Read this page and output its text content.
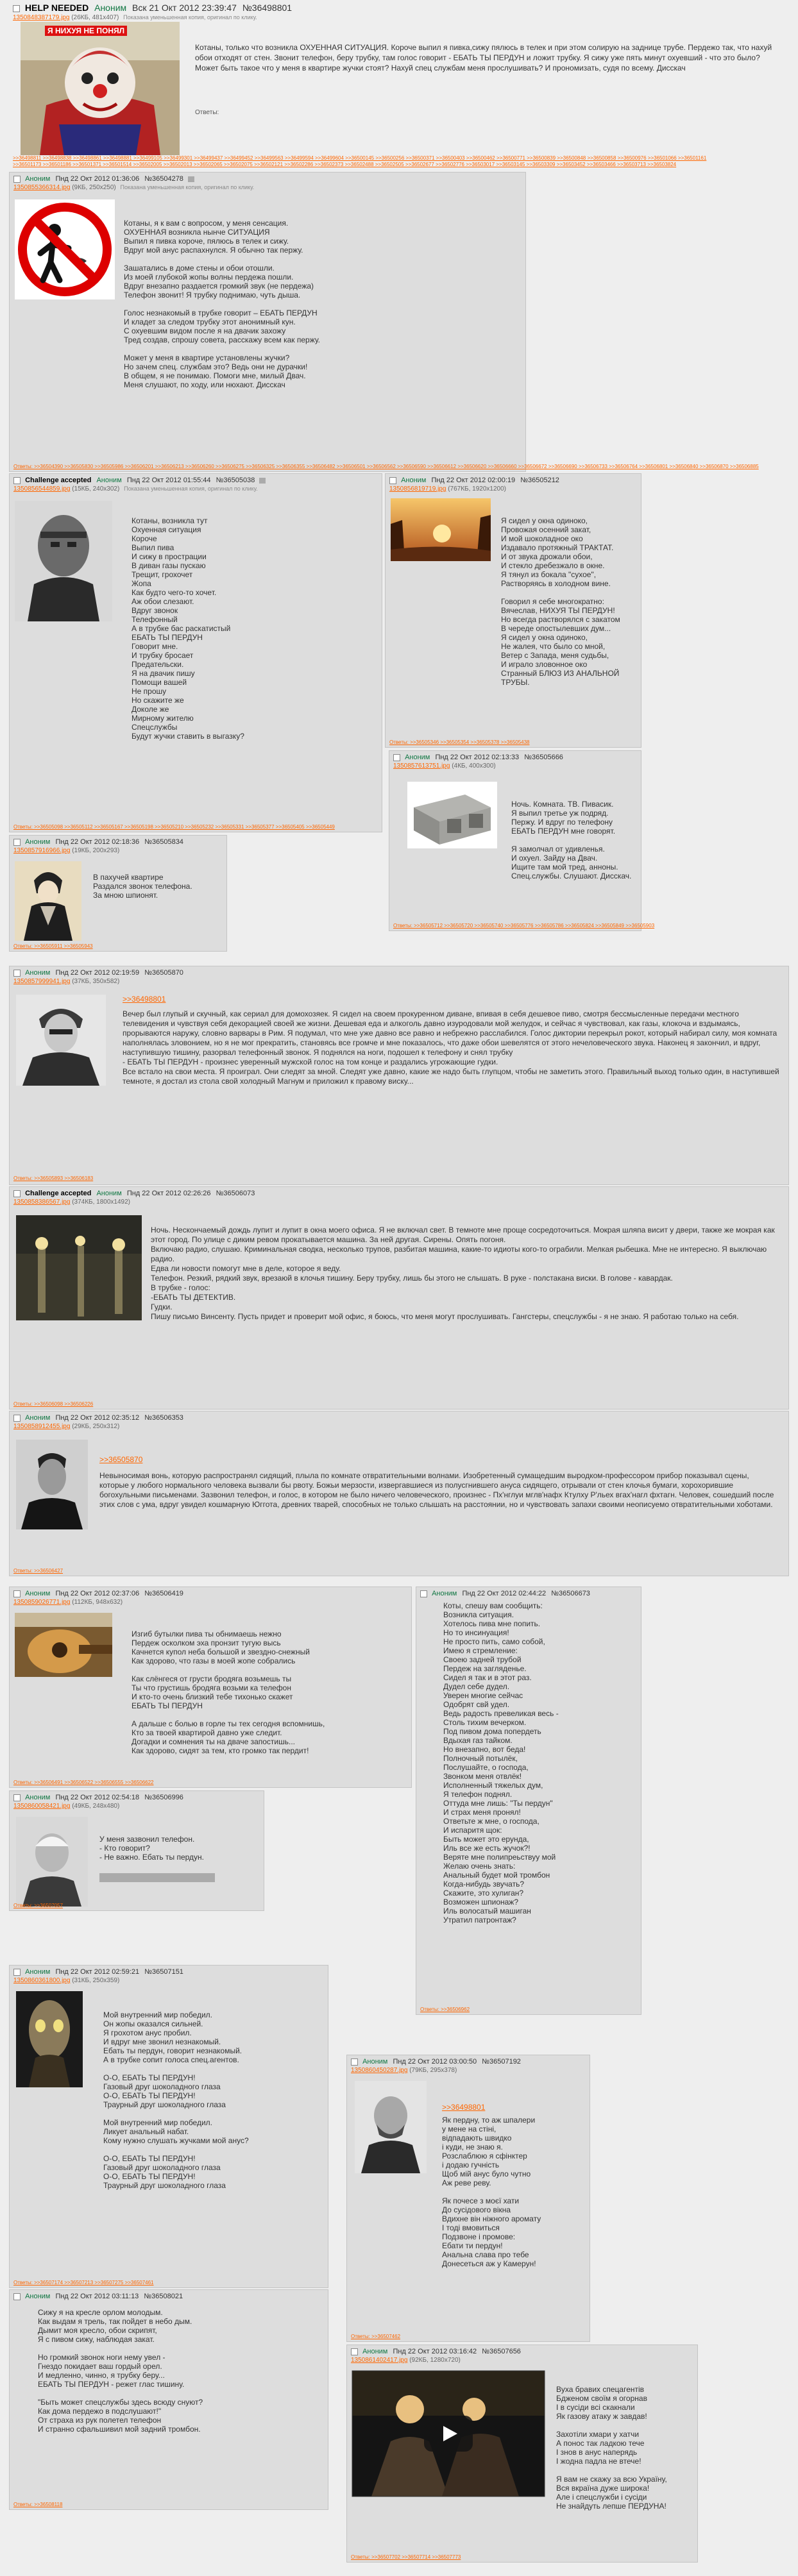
HELP NEEDED Аноним Вск 21 Окт 2012 23:39:47 №36498801
1350848387179.jpg (26КБ, 481x407) Показана уменьшенная копия, оригинал по клику.
Я НИХУЯ НЕ ПОНЯЛ
Котаны, только что возникла ОХУЕННАЯ СИТУАЦИЯ. Короче выпил я пивка,сижу пялюсь в телек и при этом солирую на заднице трубе. Пердежо так, что нахуй обои отходят от стен. Звонит телефон, беру трубку, там голос говорит - ЕБАТЬ ТЫ ПЕРДУН и ложит трубку. Я сижу уже пять минут охуевший - что это было? Может быть такое что у меня в квартире жучки стоят? Нахуй спец службам меня прослушивать? И прономизать, судя по всему. Дисскач
Ответы:
>>36498811 >>36498838 >>36498861 >>36498881 >>36499105 >>36499301 >>36499437 >>36499452 >>36499563 >>36499594 >>36499604 >>36500145 >>36500256 >>36500371 >>36500403 >>36500462 >>36500771 >>36500839 >>36500848 >>36500858 >>36500976 >>36501066 >>36501161
>>36501173 >>36501186 >>36501371 >>36501514 >>36502005 >>36502013 >>36502065 >>36502075 >>36502121 >>36502286 >>36502373 >>36502488 >>36502505 >>36502677 >>36502776 >>36503017 >>36503145 >>36503309 >>36503452 >>36503466 >>36503713 >>36503824
Аноним Пнд 22 Окт 2012 01:36:06 №36504278
1350855366314.jpg (9КБ, 250x250) Показана уменьшенная копия, оригинал по клику.
Котаны, я к вам с вопросом, у меня сенсация.
ОХУЕННАЯ возникла нынче СИТУАЦИЯ
Выпил я пивка корочe, пялюсь в телек и сижу.
Вдруг мой анус распахнулся. Я обычно так пержу.

Зашатались в доме стены и обои отошли.
Из моей глубокой жопы волны пердежа пошли.
Вдруг внезапно раздается громкий звук (не пердежа)
Телефон звонит! Я трубку поднимаю, чуть дыша.

Голос незнакомый в трубке говорит – ЕБАТЬ ПЕРДУН
И кладет за следом трубку этот анонимный кун.
С охуевшим видом после я на двачик захожу
Тред создав, спрошу совета, расскажу всем как пержу.

Может у меня в квартире установлены жучки?
Но зачем спец. службам это? Ведь они не дурачки!
В общем, я не понимаю. Помоги мне, милый Двач.
Меня слушают, по ходу, или нюхают. Дисскач
Ответы: >>36504390 >>36505830 >>36505986 >>36506201 >>36506213 >>36506260 >>36506275 >>36506325 >>36506355 >>36506482 >>36506501 >>36506562 >>36506590 >>36506612 >>36506620 >>36506660 >>36506672 >>36506690 >>36506733 >>36506764 >>36506801 >>36506840 >>36506870 >>36506885
Challenge accepted Аноним Пнд 22 Окт 2012 01:55:44 №36505038
1350856544859.jpg (15КБ, 240x302) Показана уменьшенная копия, оригинал по клику.
Котаны, возникла тут
Охуенная ситуация
Короче
Выпил пива
И сижу в прострации
В диван газы пускаю
Трещит, грохочет
Жопа
Как будто чего-то хочет.
Аж обои слезают.
Вдруг звонок
Телефонный
А в трубке бас раскатистый
ЕБАТЬ ТЫ ПЕРДУН
Говорит мне.
И трубку бросает
Предательски.
Я на двачик пишу
Помощи вашей
Не прошу
Но скажите же
Доколе же
Мирному жителю
Спецслужбы
Будут жучки ставить в выгазку?
Ответы: >>36505098 >>36505112 >>36505167 >>36505198 >>36505210 >>36505232 >>36505331 >>36505377 >>36505405 >>36505449
Аноним Пнд 22 Окт 2012 02:00:19 №36505212
1350856819719.jpg (767КБ, 1920x1200)
Я сидел у окна одиноко,
Провожая осенний закат,
И мой шоколадное око
Издавало протяжный ТРАКТАТ.
И от звука дрожали обои,
И стекло дребезжало в окне.
Я тянул из бокала "сухое",
Растворяясь в холодном вине.

Говорил я себе многократно:
Вячеслав, НИХУЯ ТЫ ПЕРДУН!
Но всегда растворялся с закатом
В череде опостылевших дум...
Я сидел у окна одиноко,
Не жалея, что было со мной,
Ветер с Запада, меня судьбы,
И играло зловонное око
Странный БЛЮЗ ИЗ АНАЛЬНОЙ ТРУБЫ.
Ответы: >>36505346 >>36505354 >>36505378 >>36505438
Аноним Пнд 22 Окт 2012 02:13:33 №36505666
1350857613751.jpg (4КБ, 400x300)
Ночь. Комната. ТВ. Пивасик.
Я выпил третье уж подряд.
Пержу. И вдруг по телефону
ЕБАТЬ ПЕРДУН мне говорят.

Я замолчал от удивленья.
И охуел. Зайду на Двач.
Ищите там мой тред, анноны.
Спец.службы. Слушают. Дисскач.
Ответы: >>36505712 >>36505720 >>36505740 >>36505776 >>36505786 >>36505824 >>36505849 >>36505903
Аноним Пнд 22 Окт 2012 02:18:36 №36505834
1350857916966.jpg (19КБ, 200x293)
В пахучей квартире
Раздался звонок телефона.
За мною шпионят.
Ответы: >>36505911 >>36505943
Аноним Пнд 22 Окт 2012 02:19:59 №36505870
1350857999941.jpg (37КБ, 350x582)
>>36498801
Вечер был глупый и скучный, как сериал для домохозяек. Я сидел на своем прокуренном диване, впивая в себя дешевое пиво, смотря бессмысленные передачи местного телевидения и чувствуя себя декорацией своей же жизни. Дешевая еда и алкоголь давно изуродовали мой желудок, и сейчас я чувствовал, как газы, клокоча и вздымаясь, прорываются наружу, словно варвары в Рим. Я подумал, что мне уже давно все равно и небрежно расслабился. Голос диктории перекрыл рокот, который набирал силу, моя комната наполнялась зловонием, но я не мог прекратить, становясь все громче и мне показалось, что даже обои шевелятся от этого нечеловеческого звука. Наконец я закончил, и вдруг, наступившую тишину, разорвал телефонный звонок. Я поднялся на ноги, подошел к телефону и снял трубку
- ЕБАТЬ ТЫ ПЕРДУН - произнес уверенный мужской голос на том конце и раздались угрожающие гудки.
Все встало на свои места. Я проиграл. Они следят за мной. Следят уже давно, какие же надо быть глупцом, чтобы не заметить этого. Правильный выход только один, в наступившей темноте, я достал из стола свой холодный Магнум и приложил к правому виску...
Ответы: >>36505893 >>36506183
Challenge accepted Аноним Пнд 22 Окт 2012 02:26:26 №36506073
1350858386567.jpg (374КБ, 1800x1492)
Ночь. Нескончаемый дождь лупит и лупит в окна моего офиса. Я не включал свет. В темноте мне проще сосредоточиться. Мокрая шляпа висит у двери, также же мокрая как этот город. По улице с диким ревом прокатывается машина. За ней другая. Сирены. Опять погоня.
Включаю радио, слушаю. Криминальная сводка, несколько трупов, разбитая машина, какие-то идиоты кого-то ограбили. Мелкая рыбешка. Мне не интересно. Я выключаю радио.
Едва ли новости помогут мне в деле, которое я веду.
Телефон. Резкий, рядкий звук, врезаюй в клочья тишину. Беру трубку, лишь бы этого не слышать. В руке - полстакана виски. В голове - кавардак.
В трубке - голос:
-ЕБАТЬ ТЫ ДЕТЕКТИВ.
Гудки.
Пишу письмо Винсенту. Пусть придет и проверит мой офис, я боюсь, что меня могут прослушивать. Гангстеры, спецслужбы - я не знаю. Я работаю только на себя.
Ответы: >>36506098 >>36506226
Аноним Пнд 22 Окт 2012 02:35:12 №36506353
1350858912455.jpg (29КБ, 250x312)
>>36505870
Невыносимая вонь, которую распространял сидящий, плыла по комнате отвратительными волнами. Изобретенный сумащедшим выродком-профессором прибор показывал сцены, которые у любого нормального человека вызвали бы рвоту. Божьи мерзости, извергавшиеся из полусгнившего ануса сидящего, отрывали от стен клочья бумаги, хорохорившие богохульными письменами. Зазвонил телефон, и голос, в котором не было ничего человеческого, произнес - Пх'нглуи мглв'нафх Ктулху Р'льех вгах'нагл фхтагн. Человек, сошедший после этих слов с ума, вдруг увидел кошмарную Юггота, древних тварей, способных не только слышать на расстоянии, но и чувствовать запахи своими неописуемо отвратительными хоботами.
Ответы: >>36506427
Аноним Пнд 22 Окт 2012 02:37:06 №36506419
1350859026771.jpg (112КБ, 948x632)
Изгиб бутылки пива ты обнимаешь нежно
Пердеж осколком эха пронзит тугую высь
Качнется купол неба большой и звездно-снежный
Как здорово, что газы в моей жопе собрались

Как слёнгеся от грусти бродяга возьмешь ты
Ты что грустишь бродяга возьми ка телефон
И кто-то очень близкий тебе тихонько скажет
ЕБАТЬ ТЫ ПЕРДУН

А дальше с болью в горле ты тех сегодня вспомнишь,
Кто за твоей квартирой давно уже следит.
Догадки и сомнения ты на двачe запостишь...
Как здорово, сидят за тем, кто громко так пердит!
Ответы: >>36506491 >>36506522 >>36506555 >>36506622
Аноним Пнд 22 Окт 2012 02:44:22 №36506673
Коты, спешу вам сообщить:
Возникла ситуация.
Хотелось пива мне попить.
Но то инсинуация!
Не просто пить, само собой,
Имею я стремление:
Своею задней трубой
Пердеж на загляденье.
Сидел я так и в этот раз.
Дудел себе дудел.
Уверен многие сейчас
Одобрят свй удел.
Ведь радость превеликая весь -
Столь тихим вечерком.
Под пивом дома попердеть
Вдыхая газ тайком.
Но внезапно, вот беда!
Полночный потылёк,
Послушайте, о господа,
Звонком меня отвлёк!
Исполненный тяжелых дум,
Я телефон поднял.
Оттуда мне лишь: "Ты пердун"
И страх меня пронял!
Ответьте ж мне, о господа,
И испаритя щок:
Быть может это ерунда,
Иль все же есть жучок?!
Веряте мне полипреьствуу мой
Желаю очень знать:
Анальный будет мой тромбон
Когда-нибудь звучать?
Скажите, это хулиган?
Возможен шпионаж?
Иль волосатый машиган
Утратил патронтаж?
Ответы: >>36506962
Аноним Пнд 22 Окт 2012 02:54:18 №36506996
1350860058421.jpg (49КБ, 248x480)
У меня зазвонил телефон.
- Кто говорит?
- Не важно. Ебать ты пердун.
Ответы: >>36507057
Аноним Пнд 22 Окт 2012 02:59:21 №36507151
1350860361800.jpg (31КБ, 250x359)
Мой внутренний мир победил.
Он жопы оказался сильней.
Я грохотом анус пробил.
И вдруг мне звонил незнакомый.
Ебать ты пердун, говорит незнакомый.
А в трубке сопит голоса спец.агентов.

О-О, ЕБАТЬ ТЫ ПЕРДУН!
Газовый друг шоколадного глаза
О-О, ЕБАТЬ ТЫ ПЕРДУН!
Траурный друг шоколадного глаза

Мой внутренний мир победил.
Ликует анальный набат.
Кому нужно слушать жучками мой анус?

О-О, ЕБАТЬ ТЫ ПЕРДУН!
Газовый друг шоколадного глаза
О-О, ЕБАТЬ ТЫ ПЕРДУН!
Траурный друг шоколадного глаза
Ответы: >>36507174 >>36507213 >>36507275 >>36507461
Аноним Пнд 22 Окт 2012 03:00:50 №36507192
1350860450287.jpg (79КБ, 295x378)

>>36498801

Як пердну, то аж шпалери
у мене на стіні,
відпадають швидко
і куди, не знаю я.
Розслаблюю я сфінктер
і додаю гучність
Щоб мій анус було чутно
Аж реве реву.

Як почесе з моєї хати
До сусідового вікна
Вдихне він ніжного аромату
І тоді вмовиться
Подзвоне і промове:
Ебати ти пердун!
Анальна слава про тебе
Донесеться аж у Камерун!

Ответы: >>36507462
Аноним Пнд 22 Окт 2012 03:11:13 №36508021
Сижу я на кресле орлом молодым.
Как выдам я трель, так пойдет в небо дым.
Дымит моя кресло, обои скрипят,
Я с пивом сижу, наблюдая закат.

Но громкий звонок ноги нему увел -
Гнездо покидает ваш гордый орел.
И медленно, чинно, я трубку беру...
ЕБАТЬ ТЫ ПЕРДУН - режет глас тишину.

"Быть может спецслужбы здесь всюду снуют?
Как дома пердежо в подслушают!"
От страха из рук полетел телефон
И странно сфальшивил мой задний тромбон.
Ответы: >>36508118
Аноним Пнд 22 Окт 2012 03:16:42 №36507656
1350861402417.jpg (92КБ, 1280x720)
Вуха бравих спецагентів
Бдженом своїм я огорнав
І в сусіди всі скакнали
Як газову атаку ж завдав!

Захотіли хмари у хатчи
А понос так ладкою тече
І знов в анус наперядь
І жодна падла не втече!

Я вам не скажу за всю Україну,
Вся вкраїна дуже широка!
Але і спецслужби і сусіди
Не знайдуть лепше ПЕРДУНА!
Ответы: >>36507702 >>36507714 >>36507773
